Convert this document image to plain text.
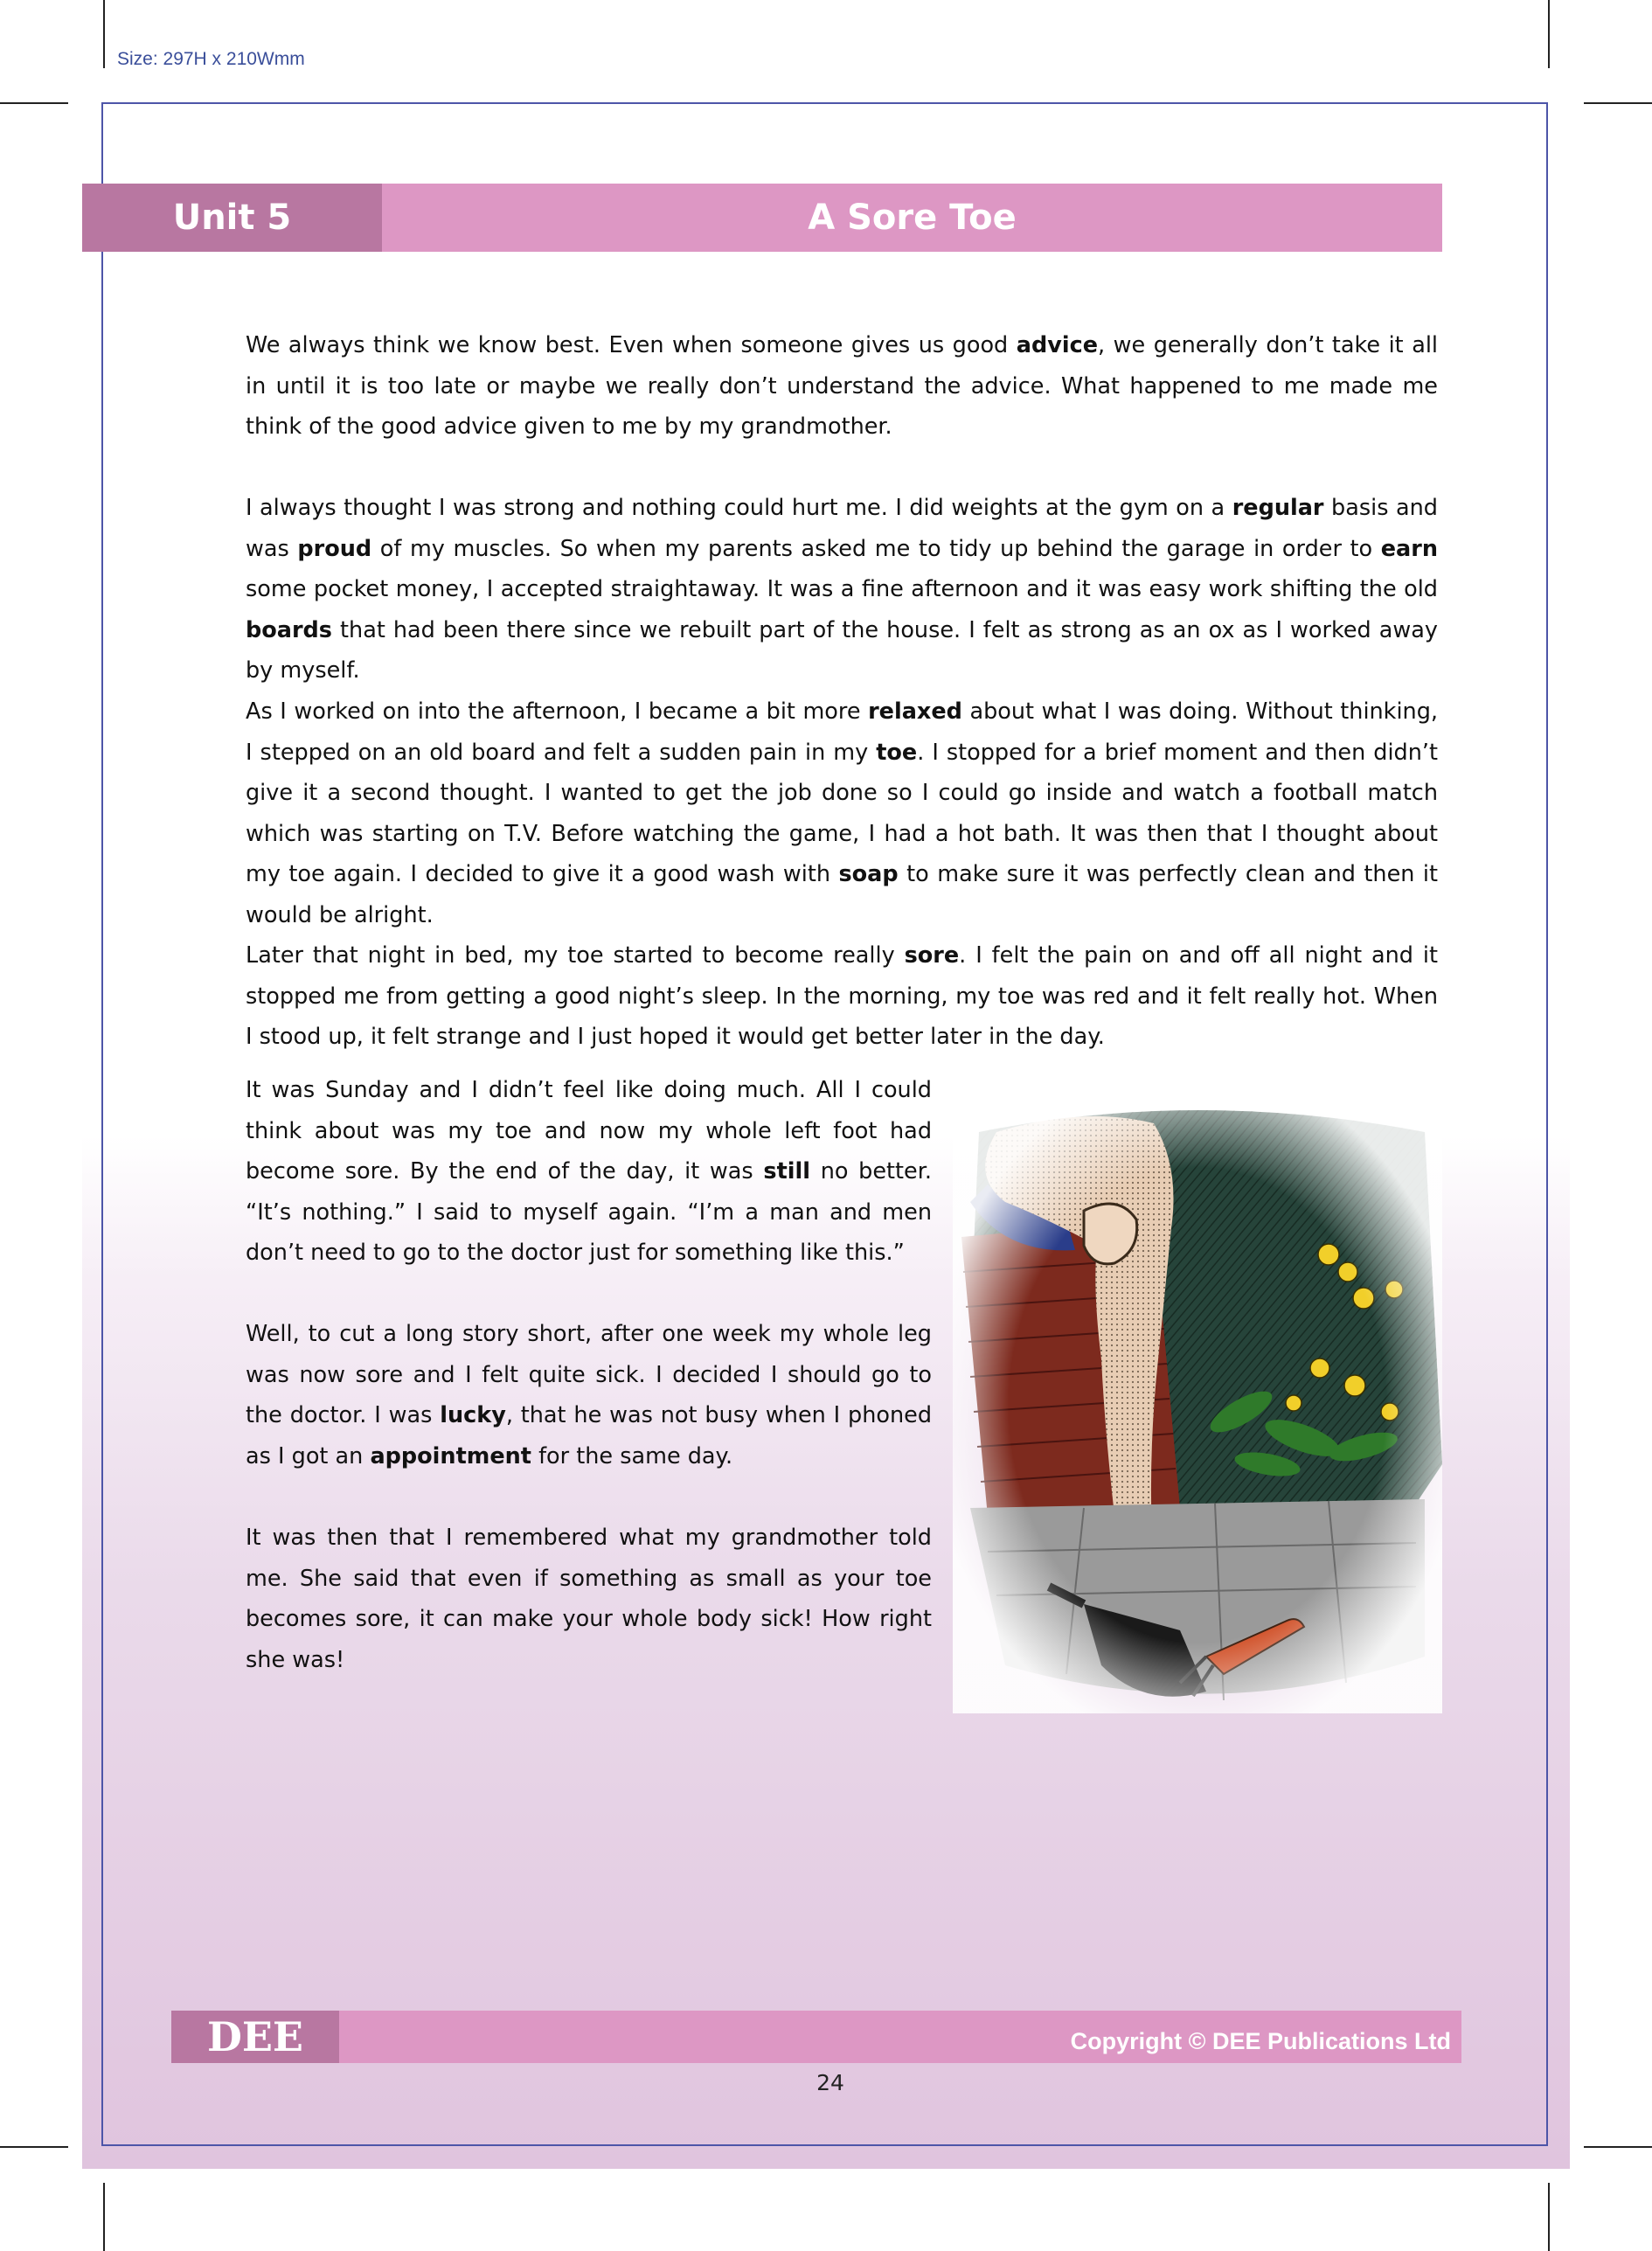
Size: 297H x 210Wmm
Unit 5	A Sore Toe

We always think we know best. Even when someone gives us good advice, we generally don’t take it all in until it is too late or maybe we really don’t understand the advice. What happened to me made me think of the good advice given to me by my grandmother.

I always thought I was strong and nothing could hurt me. I did weights at the gym on a regular basis and was proud of my muscles. So when my parents asked me to tidy up behind the garage in order to earn some pocket money, I accepted straightaway. It was a fine afternoon and it was easy work shifting the old boards that had been there since we rebuilt part of the house. I felt as strong as an ox as I worked away by myself.

As I worked on into the afternoon, I became a bit more relaxed about what I was doing. Without thinking, I stepped on an old board and felt a sudden pain in my toe. I stopped for a brief moment and then didn’t give it a second thought. I wanted to get the job done so I could go inside and watch a football match which was starting on T.V. Before watching the game, I had a hot bath. It was then that I thought about my toe again. I decided to give it a good wash with soap to make sure it was perfectly clean and then it would be alright.

Later that night in bed, my toe started to become really sore. I felt the pain on and off all night and it stopped me from getting a good night’s sleep. In the morning, my toe was red and it felt really hot. When I stood up, it felt strange and I just hoped it would get better later in the day.

It was Sunday and I didn’t feel like doing much. All I could think about was my toe and now my whole left foot had become sore. By the end of the day, it was still no better. “It’s nothing.” I said to myself again. “I’m a man and men don’t need to go to the doctor just for something like this.”

Well, to cut a long story short, after one week my whole leg was now sore and I felt quite sick. I decided I should go to the doctor. I was lucky, that he was not busy when I phoned as I got an appointment for the same day.

It was then that I remembered what my grandmother told me. She said that even if something as small as your toe becomes sore, it can make your whole body sick! How right she was!

DEE	Copyright © DEE Publications Ltd
24
